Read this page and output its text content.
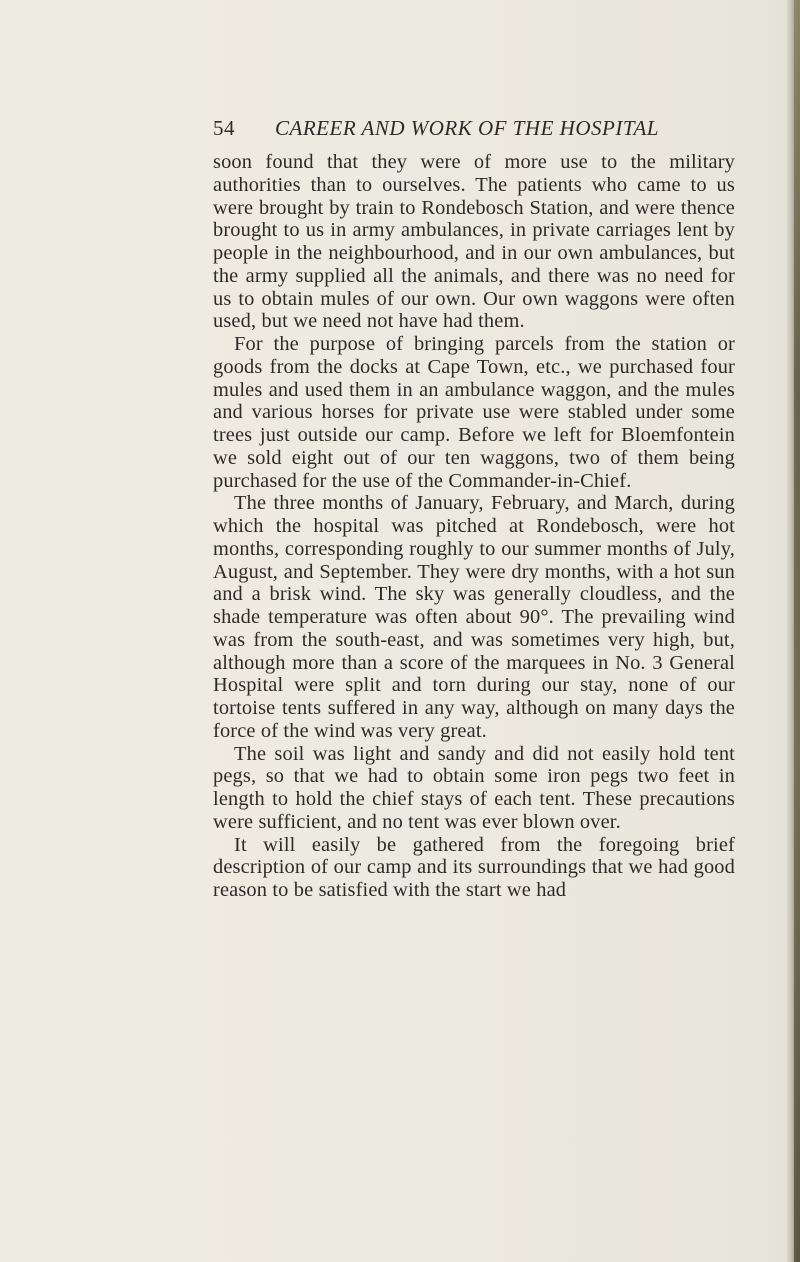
54 CAREER AND WORK OF THE HOSPITAL

soon found that they were of more use to the military authorities than to ourselves. The patients who came to us were brought by train to Rondebosch Station, and were thence brought to us in army ambulances, in private carriages lent by people in the neighbourhood, and in our own ambulances, but the army supplied all the animals, and there was no need for us to obtain mules of our own. Our own waggons were often used, but we need not have had them.

For the purpose of bringing parcels from the station or goods from the docks at Cape Town, etc., we purchased four mules and used them in an ambulance waggon, and the mules and various horses for private use were stabled under some trees just outside our camp. Before we left for Bloemfontein we sold eight out of our ten waggons, two of them being purchased for the use of the Commander-in-Chief.

The three months of January, February, and March, during which the hospital was pitched at Rondebosch, were hot months, corresponding roughly to our summer months of July, August, and September. They were dry months, with a hot sun and a brisk wind. The sky was generally cloudless, and the shade temperature was often about 90°. The prevailing wind was from the south-east, and was sometimes very high, but, although more than a score of the marquees in No. 3 General Hospital were split and torn during our stay, none of our tortoise tents suffered in any way, although on many days the force of the wind was very great.

The soil was light and sandy and did not easily hold tent pegs, so that we had to obtain some iron pegs two feet in length to hold the chief stays of each tent. These precautions were sufficient, and no tent was ever blown over.

It will easily be gathered from the foregoing brief description of our camp and its surroundings that we had good reason to be satisfied with the start we had
